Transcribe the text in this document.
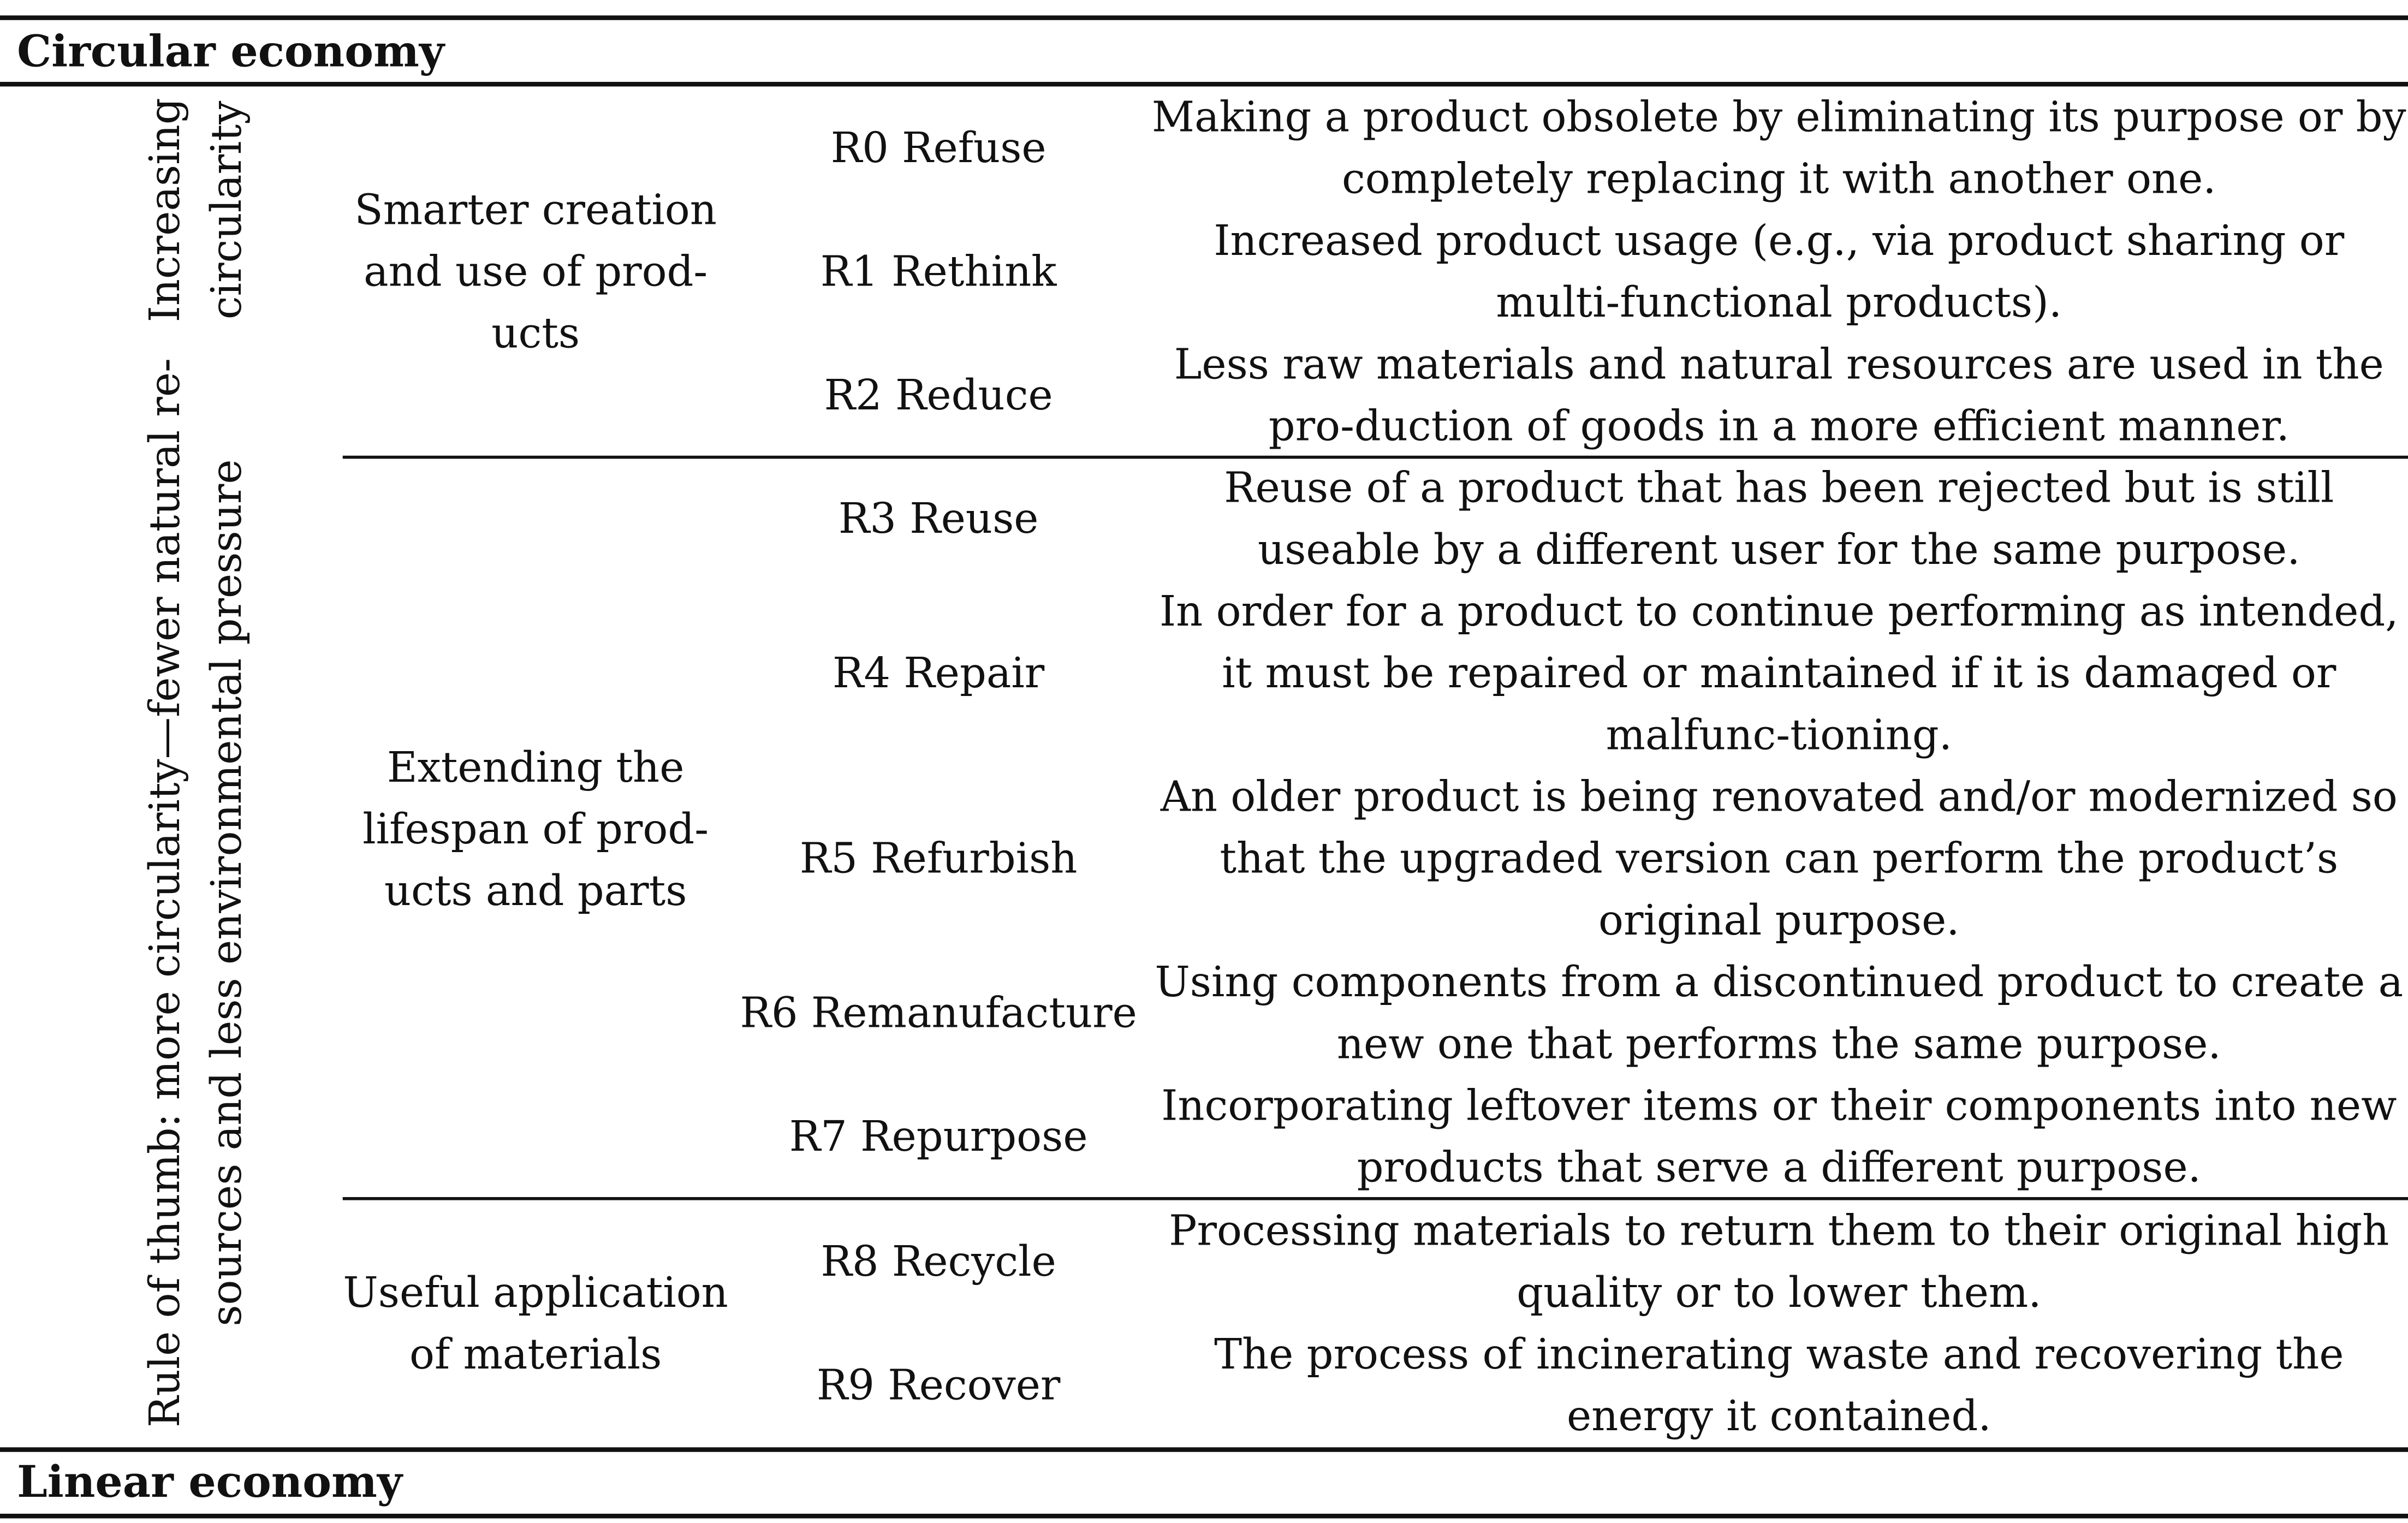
Circular economy
Increasing circularity
Rule of thumb: more circularity—fewer natural re- sources and less environmental pressure
Smarter creation and use of prod-ucts
Extending the lifespan of prod-ucts and parts
Useful application of materials
R0 Refuse
R1 Rethink
R2 Reduce
R3 Reuse
R4 Repair
R5 Refurbish
R6 Remanufacture
R7 Repurpose
R8 Recycle
R9 Recover
Making a product obsolete by eliminating its purpose or by completely replacing it with another one.
Increased product usage (e.g., via product sharing or multi-functional products).
Less raw materials and natural resources are used in the pro-duction of goods in a more efficient manner.
Reuse of a product that has been rejected but is still useable by a different user for the same purpose.
In order for a product to continue performing as intended, it must be repaired or maintained if it is damaged or malfunc-tioning.
An older product is being renovated and/or modernized so that the upgraded version can perform the product’s original purpose.
Using components from a discontinued product to create a new one that performs the same purpose.
Incorporating leftover items or their components into new products that serve a different purpose.
Processing materials to return them to their original high quality or to lower them.
The process of incinerating waste and recovering the energy it contained.
Linear economy
